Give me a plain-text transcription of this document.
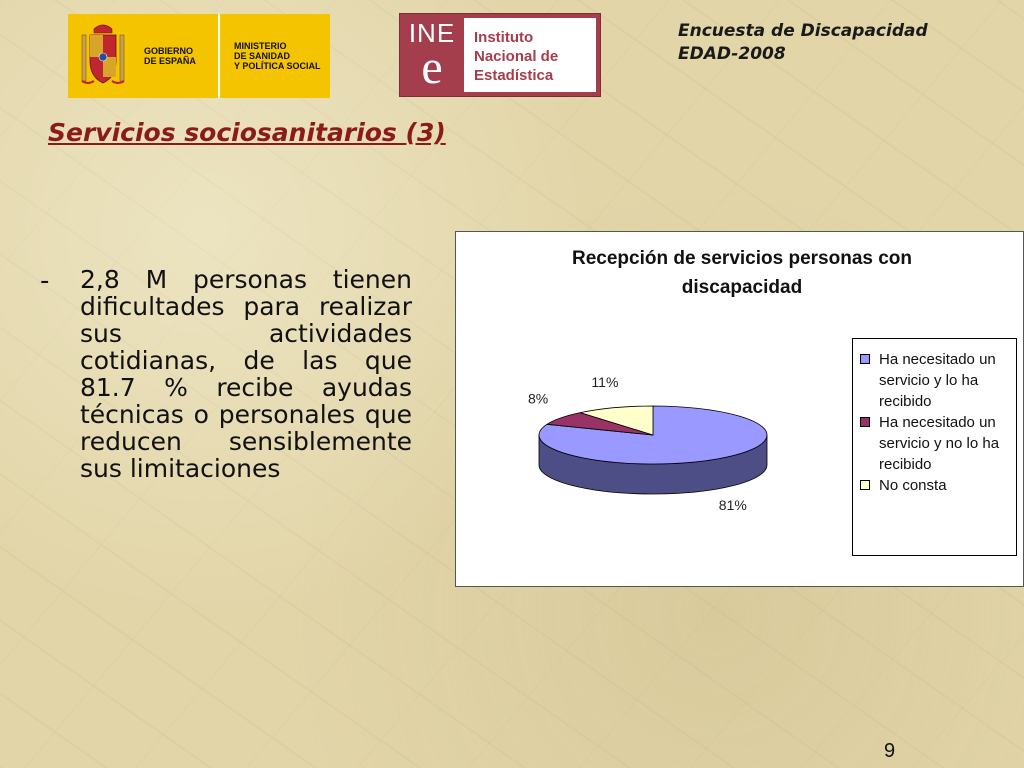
GOBIERNO
DE ESPAÑA
MINISTERIO
DE SANIDAD
Y POLÍTICA SOCIAL
INE
e
Instituto
Nacional de
Estadística
Encuesta de Discapacidad
EDAD-2008
Servicios sociosanitarios (3)
- 2,8 M personas tienen dificultades para realizar sus actividades cotidianas, de las que 81.7 % recibe ayudas técnicas o personales que reducen sensiblemente sus limitaciones
Recepción de servicios personas con
discapacidad
81%
8%
11%
Ha necesitado un servicio y lo ha recibido
Ha necesitado un servicio y no lo ha recibido
No consta
9
